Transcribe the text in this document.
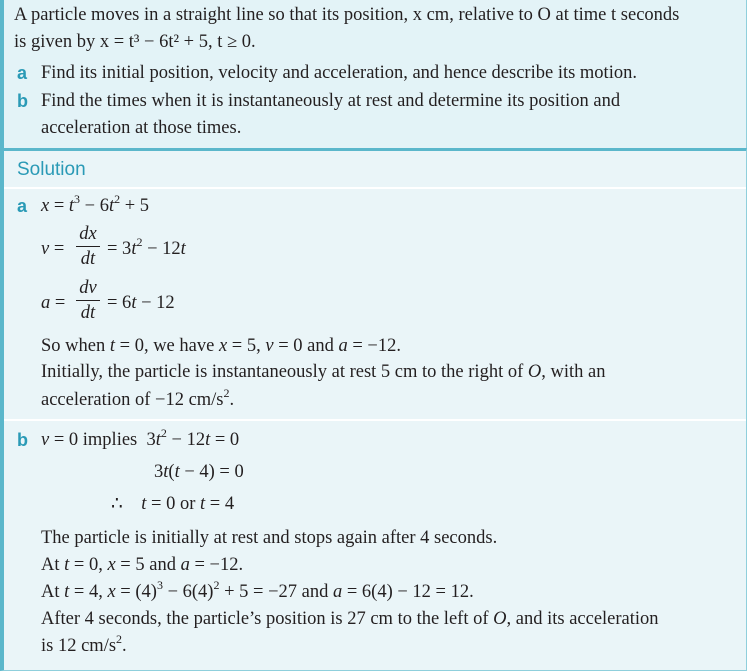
A particle moves in a straight line so that its position, x cm, relative to O at time t seconds
is given by x = t³ − 6t² + 5, t ≥ 0.
a Find its initial position, velocity and acceleration, and hence describe its motion.
b Find the times when it is instantaneously at rest and determine its position and
acceleration at those times.
Solution
a $x = t^3 - 6t^2 + 5$
v =
dx
dt = $3t^2 - 12t$
a =
dv
dt = 6t − 12
So when t = 0, we have x = 5, v = 0 and a = −12.
Initially, the particle is instantaneously at rest 5 cm to the right of O, with an
acceleration of −12 $cm/s^2$.
b v = 0 implies  $3t^2 - 12t = 0$
3t(t − 4) = 0
∴    t = 0 or t = 4
The particle is initially at rest and stops again after 4 seconds.
At t = 0, x = 5 and a = −12.
At t = 4, $x = (4)^3 - 6(4)^2 + 5 = -27$ and a = 6(4) − 12 = 12.
After 4 seconds, the particle’s position is 27 cm to the left of O, and its acceleration
is 12 $cm/s^2$.
